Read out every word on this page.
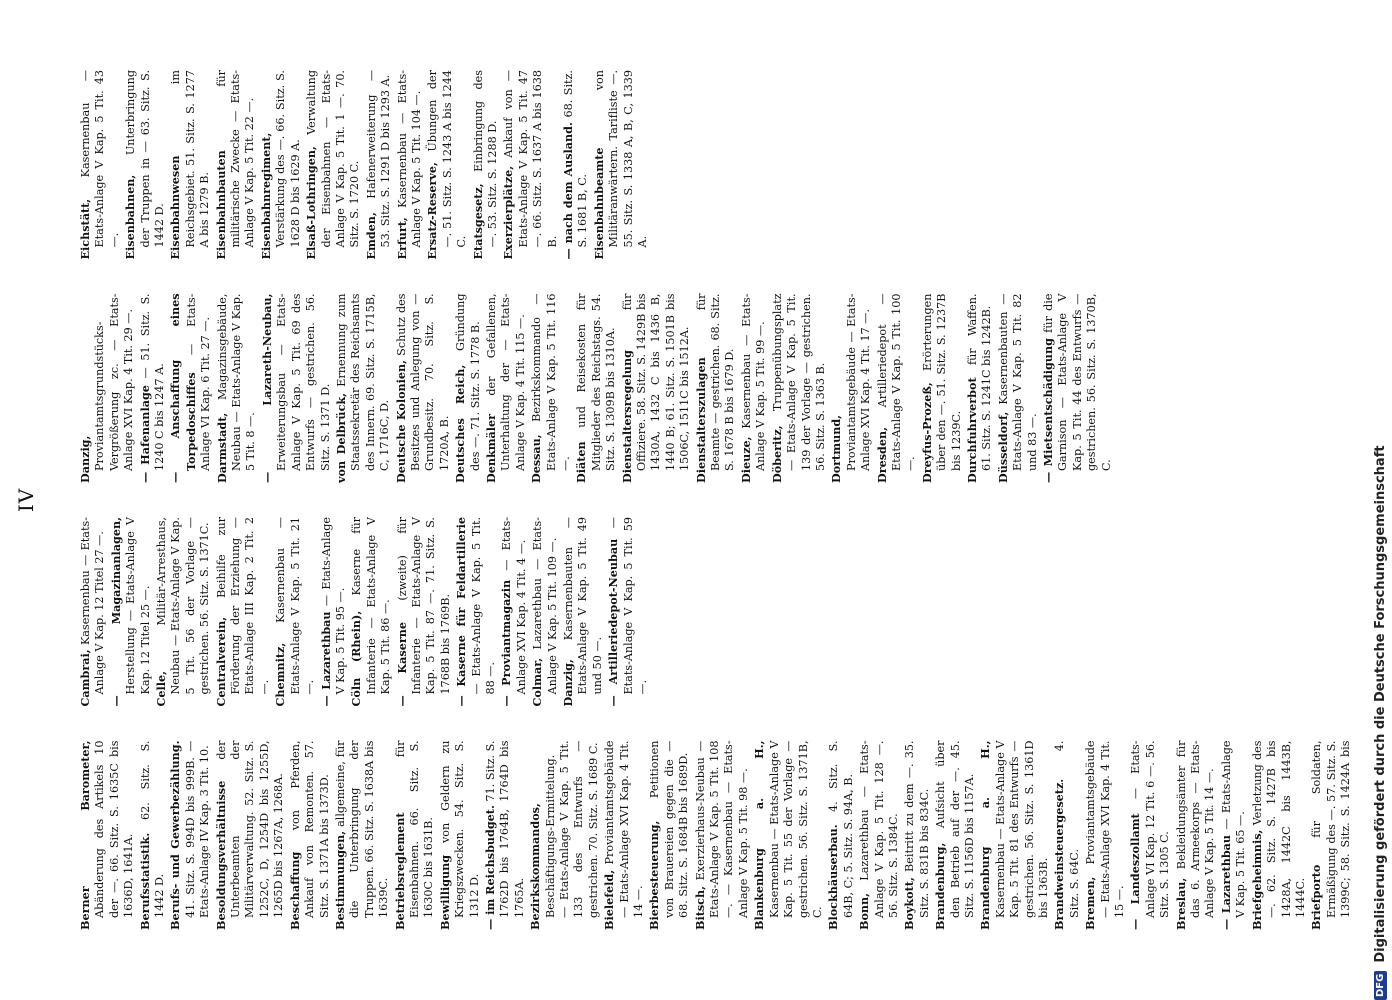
IV

Berner Barometer, Abänderung des Artikels 10 der —. 66. Sitz. S. 1635C bis 1636D, 1641A. Berufsstatistik. 62. Sitz. S. 1442 D. Berufs- und Gewerbezählung. 41. Sitz. S. 994D bis 999B. — Etats-Anlage IV Kap. 3 Tit. 10. Besoldungsverhältnisse der Unterbeamten der Militärverwaltung. 52. Sitz. S. 1252C, D, 1254D bis 1255D, 1265D bis 1267A, 1268A. Beschaffung von Pferden, Ankauf von Remonten. 57. Sitz. S. 1371A bis 1373D. Bestimmungen, allgemeine, für die Unterbringung der Truppen. 66. Sitz. S. 1638A bis 1639C. Betriebsreglement für Eisenbahnen. 66. Sitz. S. 1630C bis 1631B. Bewilligung von Geldern zu Kriegszwecken. 54. Sitz. S. 1312 D. — im Reichsbudget. 71. Sitz. S. 1762D bis 1764B, 1764D bis 1765A. Bezirkskommandos, Beschäftigungs-Ermittelung. — Etats-Anlage V Kap. 5 Tit. 133 des Entwurfs — gestrichen. 70. Sitz. S. 1689 C. Bielefeld, Proviantamtsgebäude — Etats-Anlage XVI Kap. 4 Tit. 14 —. Bierbesteuerung, Petitionen von Brauereien gegen die — 68. Sitz. S. 1684B bis 1689D. Bitsch, Exerzierhaus-Neubau — Etats-Anlage V Kap. 5 Tit. 108 —. — Kasernenbau — Etats-Anlage V Kap. 5 Tit. 98 —. Blankenburg a. H., Kasernenbau — Etats-Anlage V Kap. 5 Tit. 55 der Vorlage — gestrichen. 56. Sitz. S. 1371B, C. Blockhäuserbau. 4. Sitz. S. 64B, C; 5. Sitz. S. 94A, B. Bonn, Lazarethbau — Etats-Anlage V Kap. 5 Tit. 128 —. 56. Sitz. S. 1384C. Boykott, Beitritt zu dem —. 35. Sitz. S. 831B bis 834C. Brandenburg, Aufsicht über den Betrieb auf der —. 45. Sitz. S. 1156D bis 1157A. Brandenburg a. H., Kasernenbau — Etats-Anlage V Kap. 5 Tit. 81 des Entwurfs — gestrichen. 56. Sitz. S. 1361D bis 1363B. Brandweinsteuergesetz. 4. Sitz. S. 64C. Bremen, Proviantamtsgebäude — Etats-Anlage XVI Kap. 4 Tit. 15 —. — Landeszollamt — Etats-Anlage VI Kap. 12 Tit. 6 —. 56. Sitz. S. 1305 C. Breslau, Bekleidungsämter für das 6. Armeekorps — Etats-Anlage V Kap. 5 Tit. 14 —. — Lazarethbau — Etats-Anlage V Kap. 5 Tit. 65 —. Briefgeheimnis, Verletzung des —. 62. Sitz. S. 1427B bis 1428A, 1442C bis 1443B, 1444C. Briefporto für Soldaten, Ermäßigung des —. 57. Sitz. S. 1399C; 58. Sitz. S. 1424A bis

Cambrai, Kasernenbau — Etats-Anlage V Kap. 12 Titel 27 —. — Magazinanlagen, Herstellung — Etats-Anlage V Kap. 12 Titel 25 —. Celle, Militär-Arresthaus, Neubau — Etats-Anlage V Kap. 5 Tit. 56 der Vorlage — gestrichen. 56. Sitz. S. 1371C. Centralverein, Beihilfe zur Förderung der Erziehung — Etats-Anlage III Kap. 2 Tit. 2 —. Chemnitz, Kasernenbau — Etats-Anlage V Kap. 5 Tit. 21 —. — Lazarethbau — Etats-Anlage V Kap. 5 Tit. 95 —. Cöln (Rhein), Kaserne für Infanterie — Etats-Anlage V Kap. 5 Tit. 86 —. — Kaserne (zweite) für Infanterie — Etats-Anlage V Kap. 5 Tit. 87 —. 71. Sitz. S. 1768B bis 1769B. — Kaserne für Feldartillerie — Etats-Anlage V Kap. 5 Tit. 88 —. — Proviantmagazin — Etats-Anlage XVI Kap. 4 Tit. 4 —. Colmar, Lazarethbau — Etats-Anlage V Kap. 5 Tit. 109 —. Danzig, Kasernenbauten — Etats-Anlage V Kap. 5 Tit. 49 und 50 —. — Artilleriedepot-Neubau — Etats-Anlage V Kap. 5 Tit. 59 —.

Danzig, Proviantamtsgrundstücks-Vergrößerung zc. — Etats-Anlage XVI Kap. 4 Tit. 29 —. — Hafenanlage — 51. Sitz. S. 1240 C bis 1247 A. — Anschaffung eines Torpedoschiffes — Etats-Anlage VI Kap. 6 Tit. 27 —. Darmstadt, Magazinsgebäude, Neubau — Etats-Anlage V Kap. 5 Tit. 8 —. — Lazareth-Neubau, Erweiterungsbau — Etats-Anlage V Kap. 5 Tit. 69 des Entwurfs — gestrichen. 56. Sitz. S. 1371 D. von Delbrück, Ernennung zum Staatssekretär des Reichsamts des Innern. 69. Sitz. S. 1715B, C, 1716C, D. Deutsche Kolonien, Schutz des Besitzes und Anlegung von — Grundbesitz. 70. Sitz. S. 1720A, B. Deutsches Reich, Gründung des —. 71. Sitz. S. 1778 B. Denkmäler der Gefallenen, Unterhaltung der — Etats-Anlage V Kap. 4 Tit. 115 —. Dessau, Bezirkskommando — Etats-Anlage V Kap. 5 Tit. 116 —. Diäten und Reisekosten für Mitglieder des Reichstags. 54. Sitz. S. 1309B bis 1310A. Dienstaltersregelung für Offiziere. 58. Sitz. S. 1429B bis 1430A, 1432 C bis 1436 B, 1440 B; 61. Sitz. S. 1501B bis 1506C, 1511C bis 1512A. Dienstalterszulagen für Beamte — gestrichen. 68. Sitz. S. 1678 B bis 1679 D. Dieuze, Kasernenbau — Etats-Anlage V Kap. 5 Tit. 99 —. Döberitz, Truppenübungsplatz — Etats-Anlage V Kap. 5 Tit. 139 der Vorlage — gestrichen. 56. Sitz. S. 1363 B. Dortmund, Proviantamtsgebäude — Etats-Anlage XVI Kap. 4 Tit. 17 —. Dresden, Artilleriedepot — Etats-Anlage V Kap. 5 Tit. 100 —. Dreyfus-Prozeß, Erörterungen über den —. 51. Sitz. S. 1237B bis 1239C. Durchfuhrverbot für Waffen. 61. Sitz. S. 1241C bis 1242B. Düsseldorf, Kasernenbauten — Etats-Anlage V Kap. 5 Tit. 82 und 83 —. — Mietsentschädigung für die Garnison — Etats-Anlage V Kap. 5 Tit. 44 des Entwurfs — gestrichen. 56. Sitz. S. 1370B, C.

Eichstätt, Kasernenbau — Etats-Anlage V Kap. 5 Tit. 43 —. Eisenbahnen, Unterbringung der Truppen in — 63. Sitz. S. 1442 D. Eisenbahnwesen im Reichsgebiet. 51. Sitz. S. 1277 A bis 1279 B. Eisenbahnbauten für militärische Zwecke — Etats-Anlage V Kap. 5 Tit. 22 —. Eisenbahnregiment, Verstärkung des —. 66. Sitz. S. 1628 D bis 1629 A. Elsaß-Lothringen, Verwaltung der Eisenbahnen — Etats-Anlage V Kap. 5 Tit. 1 —. 70. Sitz. S. 1720 C. Emden, Hafenerweiterung — 53. Sitz. S. 1291 D bis 1293 A. Erfurt, Kasernenbau — Etats-Anlage V Kap. 5 Tit. 104 —. Ersatz-Reserve, Übungen der —. 51. Sitz. S. 1243 A bis 1244 C. Etatsgesetz, Einbringung des —. 53. Sitz. S. 1288 D. Exerzierplätze, Ankauf von — Etats-Anlage V Kap. 5 Tit. 47 —. 66. Sitz. S. 1637 A bis 1638 B. — nach dem Ausland. 68. Sitz. S. 1681 B, C. Eisenbahnbeamte von Militäranwärtern. Tarifliste —. 55. Sitz. S. 1338 A, B, C, 1339 A.

DFG
Digitalisierung gefördert durch die Deutsche Forschungsgemeinschaft
